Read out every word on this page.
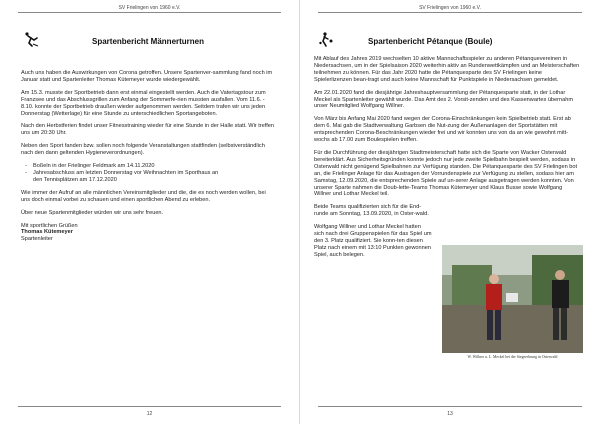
SV Frielingen von 1960 e.V.
Spartenbericht Männerturnen

Auch uns haben die Auswirkungen von Corona getroffen. Unsere Spartenver-sammlung fand noch im Januar statt und Spartenleiter Thomas Kütemeyer wurde wiedergewählt.

Am 15.3. musste der Sportbetrieb dann erst einmal eingestellt werden. Auch die Vatertagstour zum Franzsee und das Abschlussgrillen zum Anfang der Sommerfe-rien mussten ausfallen. Vom 11.6. - 8.10. konnte der Sportbetrieb draußen wieder aufgenommen werden. Seitdem trafen wir uns jeden Donnerstag (Wetterlage) für eine Stunde zu unterschiedlichen Sportangeboten.

Nach den Herbstferien findet unser Fitnesstraining wieder für eine Stunde in der Halle statt. Wir treffen uns um 20:30 Uhr.

Neben den Sport fanden bzw. sollen noch folgende Veranstaltungen stattfinden (selbstverständlich nach den dann geltenden Hygieneverordnungen).

- Boßeln in der Frielinger Feldmark am 14.11.2020
- Jahresabschluss am letzten Donnerstag vor Weihnachten im Sporthaus an
den Tennisplätzen am 17.12.2020

Wie immer der Aufruf an alle männlichen Vereinsmitglieder und die, die es noch werden wollen, bei uns doch einmal vorbei zu schauen und einen sportlichen Abend zu erleben.

Über neue Spartenmitglieder würden wir uns sehr freuen.

Mit sportlichen Grüßen
Thomas Kütemeyer
Spartenleiter
12
SV Frielingen von 1960 e.V.

Mit Ablauf des Jahres 2019 wechselten 10 aktive Mannschaftsspieler zu anderen Pétanquevereinen in Niedersachsen, um in der Spielsaison 2020 weiterhin aktiv an Rundenwettkämpfen und an Meisterschaften teilnehmen zu können. Für das Jahr 2020 hatte die Pétanquesparte des SV Frielingen keine Spielerlizenzen bean-tragt und auch keine Mannschaft für Punktspiele in Niedersachsen gemeldet.

Am 22.01.2020 fand die diesjährige Jahreshauptversammlung der Pétanquesparte statt, in der Lothar Meckel als Spartenleiter gewählt wurde. Das Amt des 2. Vorsit-zenden und des Kassenwartes übernahm unser Neumitglied Wolfgang Willner.

Von März bis Anfang Mai 2020 fand wegen der Corona-Einschränkungen kein Spielbetrieb statt. Erst ab dem 6. Mai gab die Stadtverwaltung Garbsen die Nut-zung der Außenanlagen der Sportstätten mit entsprechenden Corona-Beschränkungen wieder frei und wir konnten uns von da an wie gewohnt mitt-wochs ab 17.00 zum Boulespielen treffen.

Für die Durchführung der diesjährigen Stadtmeisterschaft hatte sich die Sparte von Wacker Osterwald bereiterklärt. Aus Sicherheitsgründen konnte jedoch nur jede zweite Spielbahn bespielt werden, sodass in Osterwald nicht genügend Spielbahnen zur Verfügung standen. Die Pétanquesparte des SV Frielingen bot an, die Frielinger Anlage für das Austragen der Vorrundenspiele zur Verfügung zu stellen, sodass hier am Samstag, 12.09.2020, die entsprechenden Spiele auf un-serer Anlage ausgetragen werden konnten. Von unserer Sparte nahmen die Doub-lette-Teams Thomas Kütemeyer und Klaus Busse sowie Wolfgang Willner und Lothar Meckel teil.

Beide Teams qualifizierten sich für die End-runde am Sonntag, 13.09.2020, in Oster-wald.

Wolfgang Willner und Lothar Meckel hatten sich nach drei Gruppenspielen für das Spiel um den 3. Platz qualifiziert. Sie konn-ten diesen Platz nach einem mit 13:10 Punkten gewonnen Spiel, auch belegen.

13
Spartenbericht Pétanque (Boule)
W. Willner u. L. Meckel bei der Siegerehrung in Osterwald
